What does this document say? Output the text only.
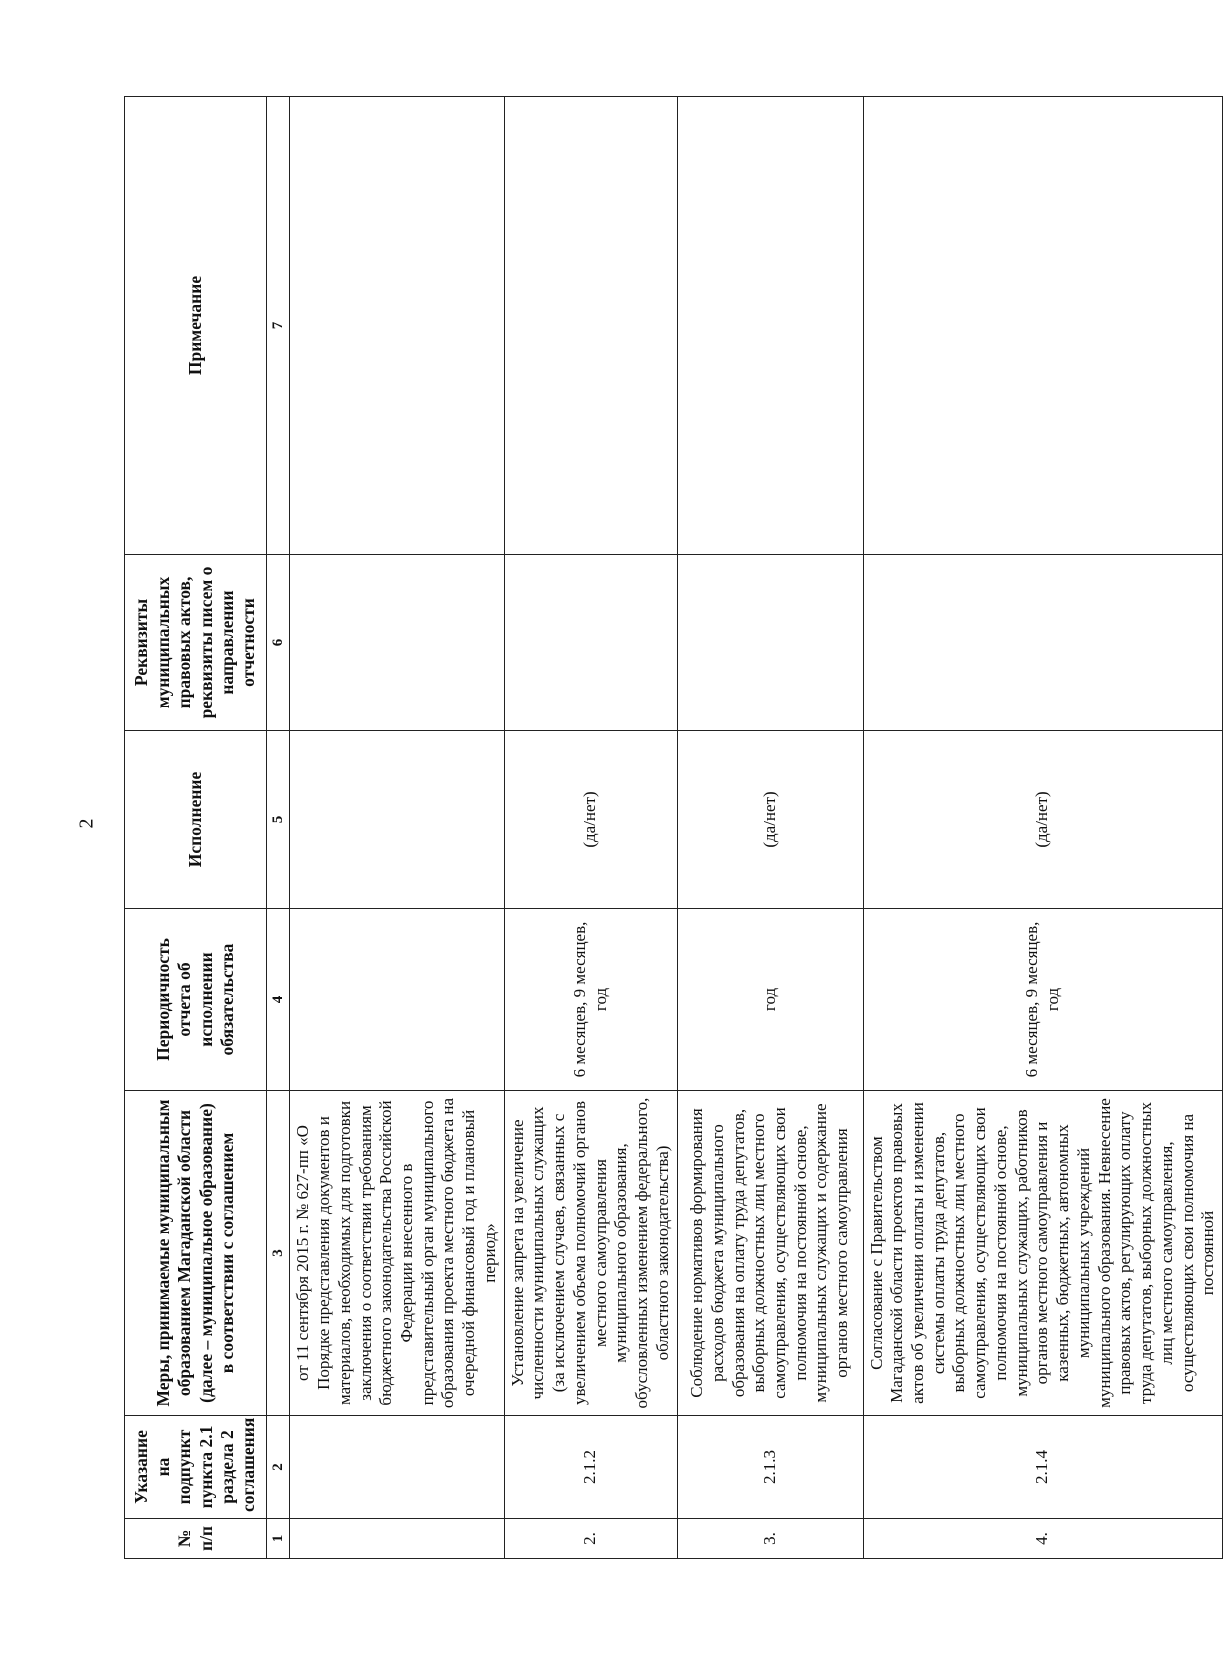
2
№ п/п	Указание на подпункт пункта 2.1 раздела 2 соглашения	Меры, принимаемые муниципальным образованием Магаданской области (далее – муниципальное образование) в соответствии с соглашением	Периодичность отчета об исполнении обязательства	Исполнение	Реквизиты муниципальных правовых актов, реквизиты писем о направлении отчетности	Примечание
1	2	3	4	5	6	7
		от 11 сентября 2015 г. № 627-пп «О Порядке представления документов и материалов, необходимых для подготовки заключения о соответствии требованиям бюджетного законодательства Российской Федерации внесенного в представительный орган муниципального образования проекта местного бюджета на очередной финансовый год и плановый период»				
2.	2.1.2	Установление запрета на увеличение численности муниципальных служащих (за исключением случаев, связанных с увеличением объема полномочий органов местного самоуправления муниципального образования, обусловленных изменением федерального, областного законодательства)	6 месяцев, 9 месяцев, год	(да/нет)		
3.	2.1.3	Соблюдение нормативов формирования расходов бюджета муниципального образования на оплату труда депутатов, выборных должностных лиц местного самоуправления, осуществляющих свои полномочия на постоянной основе, муниципальных служащих и содержание органов местного самоуправления	год	(да/нет)		
4.	2.1.4	Согласование с Правительством Магаданской области проектов правовых актов об увеличении оплаты и изменении системы оплаты труда депутатов, выборных должностных лиц местного самоуправления, осуществляющих свои полномочия на постоянной основе, муниципальных служащих, работников органов местного самоуправления и казенных, бюджетных, автономных муниципальных учреждений муниципального образования. Невнесение правовых актов, регулирующих оплату труда депутатов, выборных должностных лиц местного самоуправления, осуществляющих свои полномочия на постоянной	6 месяцев, 9 месяцев, год	(да/нет)		
